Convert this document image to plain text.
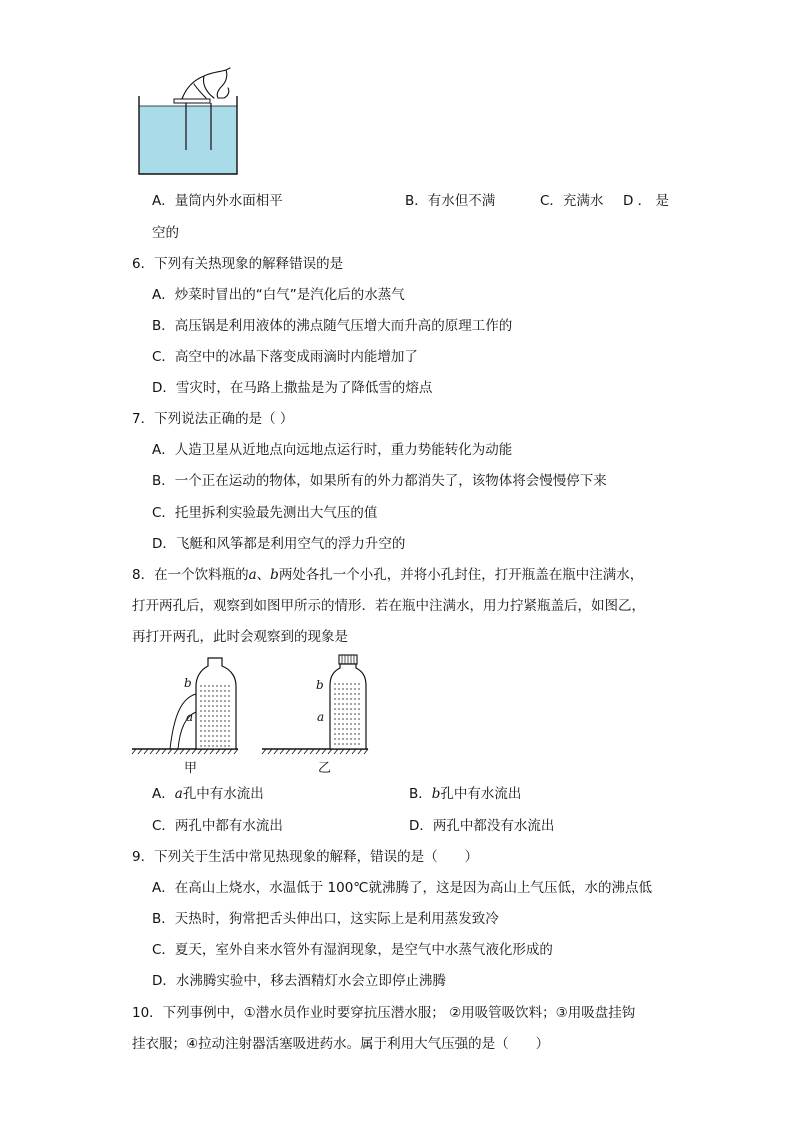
A．量筒内外水面相平	B．有水但不满	C．充满水 D ． 是
空的
6．下列有关热现象的解释错误的是
A．炒菜时冒出的“白气”是汽化后的水蒸气
B．高压锅是利用液体的沸点随气压增大而升高的原理工作的
C．高空中的冰晶下落变成雨滴时内能增加了
D．雪灾时，在马路上撒盐是为了降低雪的熔点
7．下列说法正确的是（ ）
A．人造卫星从近地点向远地点运行时，重力势能转化为动能
B．一个正在运动的物体，如果所有的外力都消失了，该物体将会慢慢停下来
C．托里拆利实验最先测出大气压的值
D．飞艇和风筝都是利用空气的浮力升空的
8．在一个饮料瓶的a、b两处各扎一个小孔，并将小孔封住，打开瓶盖在瓶中注满水，
打开两孔后，观察到如图甲所示的情形．若在瓶中注满水，用力拧紧瓶盖后，如图乙，
再打开两孔，此时会观察到的现象是
b
a
甲
b
a
乙
A．a孔中有水流出	B．b孔中有水流出
C．两孔中都有水流出	D．两孔中都没有水流出
9．下列关于生活中常见热现象的解释，错误的是（　　）
A．在高山上烧水，水温低于 100℃就沸腾了，这是因为高山上气压低，水的沸点低
B．天热时，狗常把舌头伸出口，这实际上是利用蒸发致冷
C．夏天，室外自来水管外有湿润现象，是空气中水蒸气液化形成的
D．水沸腾实验中，移去酒精灯水会立即停止沸腾
10．下列事例中，①潜水员作业时要穿抗压潜水服； ②用吸管吸饮料；③用吸盘挂钩
挂衣服；④拉动注射器活塞吸进药水。属于利用大气压强的是（　　）
